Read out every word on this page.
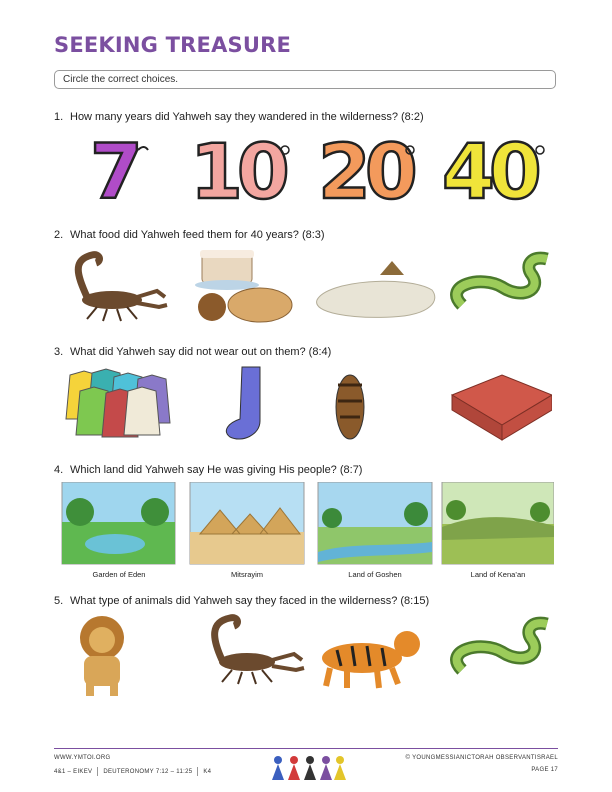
SEEKING TREASURE
Circle the correct choices.
1. How many years did Yahweh say they wandered in the wilderness? (8:2)
7 10 20 40
2. What food did Yahweh feed them for 40 years? (8:3)
3. What did Yahweh say did not wear out on them? (8:4)
4. Which land did Yahweh say He was giving His people? (8:7)
Garden of Eden	Mitsrayim	Land of Goshen	Land of Kena’an
5. What type of animals did Yahweh say they faced in the wilderness? (8:15)
WWW.YMTOI.ORG
4&1 – EIKEV DEUTERONOMY 7:12 – 11:25 K4
© YOUNGMESSIANICTORAH OBSERVANTISRAEL
PAGE 17
